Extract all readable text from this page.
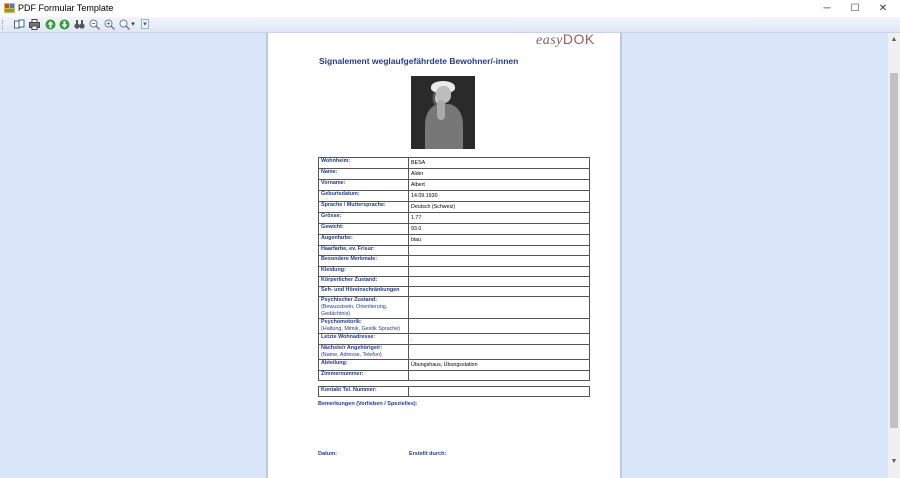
PDF Formular Template	─	☐	✕
▾	▾
easyDOK
Signalement weglaufgefährdete Bewohner/-innen
Wohnheim:	BESA
Name:	Alder
Vorname:	Albert
Geburtsdatum:	14.09.1930
Sprache / Muttersprache:	Deutsch (Schweiz)
Grösse:	1.77
Gewicht:	93.0
Augenfarbe:	blau
Haarfarbe, ev. Frisur:	
Besondere Merkmale:	
Kleidung:	
Körperlicher Zustand:	
Seh- und Höreinschränkungen	
Psychischer Zustand:
(Bewusstsein, Orientierung, Gedächtnis)	
Psychomotorik:
(Haltung, Mimik, Gestik Sprache)	
Letzte Wohnadresse:	.
Nächste/r Angehörige/r:
(Name, Adresse, Telefon)	
Abteilung:	Übungshaus, Übungsstation
Zimmernummer:	
Kontakt Tel. Nummer:	
Bemerkungen (Vorlieben / Spezielles):
Datum:	Erstellt durch:
▲
▼
